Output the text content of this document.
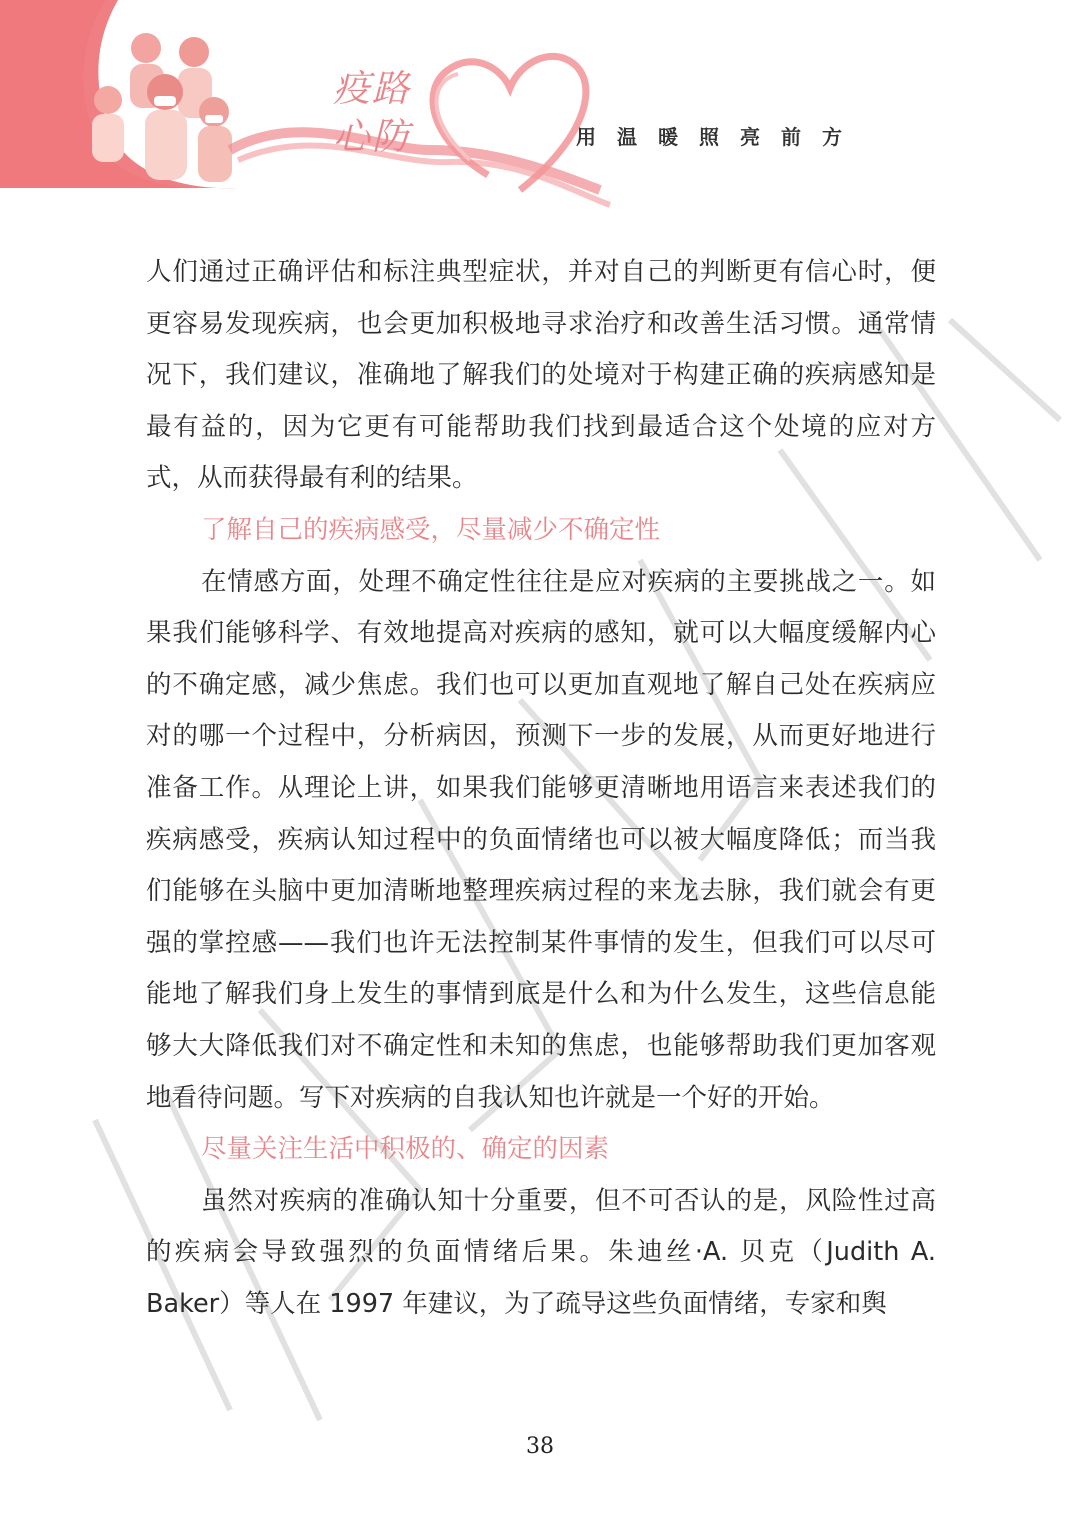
疫路
心防	用温暖照亮前方

人们通过正确评估和标注典型症状，并对自己的判断更有信心时，便更容易发现疾病，也会更加积极地寻求治疗和改善生活习惯。通常情况下，我们建议，准确地了解我们的处境对于构建正确的疾病感知是最有益的，因为它更有可能帮助我们找到最适合这个处境的应对方式，从而获得最有利的结果。

了解自己的疾病感受，尽量减少不确定性

在情感方面，处理不确定性往往是应对疾病的主要挑战之一。如果我们能够科学、有效地提高对疾病的感知，就可以大幅度缓解内心的不确定感，减少焦虑。我们也可以更加直观地了解自己处在疾病应对的哪一个过程中，分析病因，预测下一步的发展，从而更好地进行准备工作。从理论上讲，如果我们能够更清晰地用语言来表述我们的疾病感受，疾病认知过程中的负面情绪也可以被大幅度降低；而当我们能够在头脑中更加清晰地整理疾病过程的来龙去脉，我们就会有更强的掌控感——我们也许无法控制某件事情的发生，但我们可以尽可能地了解我们身上发生的事情到底是什么和为什么发生，这些信息能够大大降低我们对不确定性和未知的焦虑，也能够帮助我们更加客观地看待问题。写下对疾病的自我认知也许就是一个好的开始。

尽量关注生活中积极的、确定的因素

虽然对疾病的准确认知十分重要，但不可否认的是，风险性过高的疾病会导致强烈的负面情绪后果。朱迪丝·A. 贝克（Judith A. Baker）等人在 1997 年建议，为了疏导这些负面情绪，专家和舆

38
